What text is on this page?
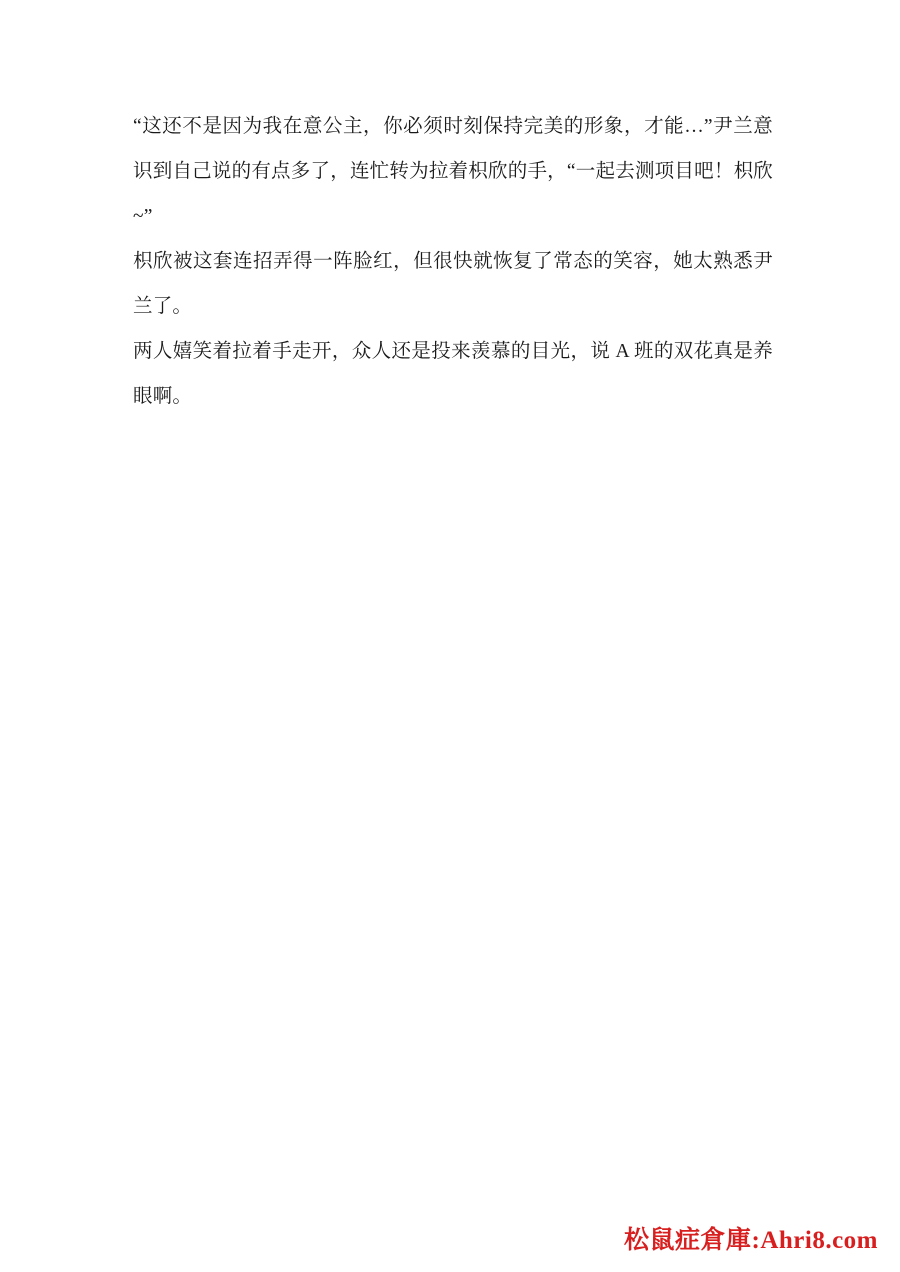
“这还不是因为我在意公主，你必须时刻保持完美的形象，才能…”尹兰意识到自己说的有点多了，连忙转为拉着枳欣的手，“一起去测项目吧！枳欣~”

枳欣被这套连招弄得一阵脸红，但很快就恢复了常态的笑容，她太熟悉尹兰了。

两人嬉笑着拉着手走开，众人还是投来羡慕的目光，说 A 班的双花真是养眼啊。

松鼠症倉庫:Ahri8.com
